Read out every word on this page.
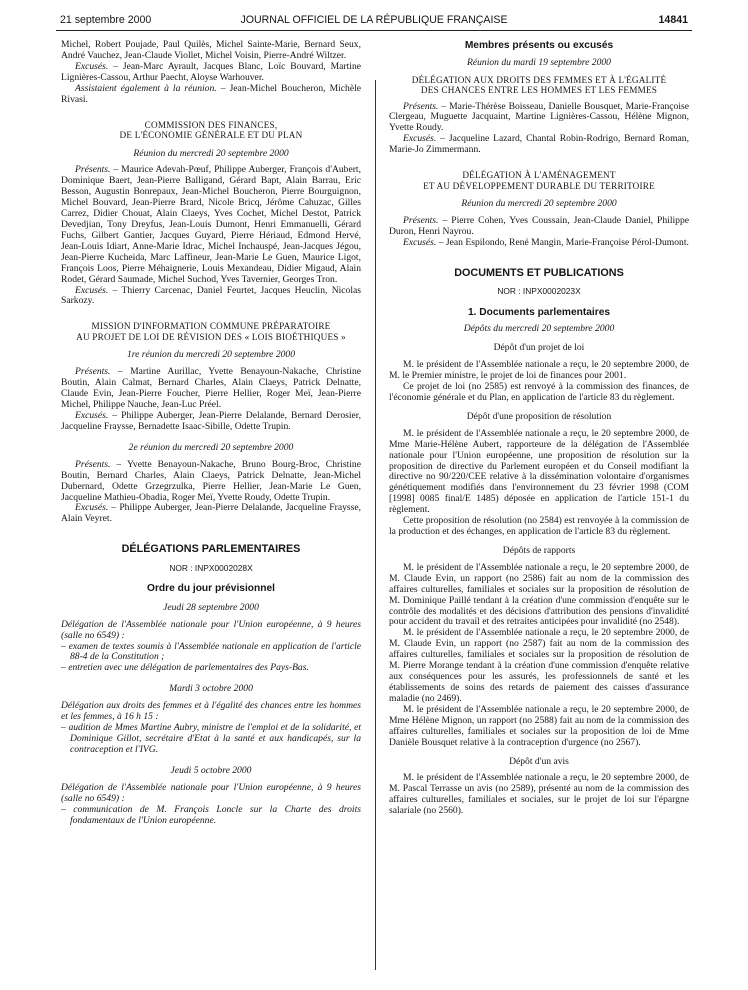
21 septembre 2000	JOURNAL OFFICIEL DE LA RÉPUBLIQUE FRANÇAISE	14841

Michel, Robert Poujade, Paul Quilès, Michel Sainte-Marie, Bernard Seux, André Vauchez, Jean-Claude Viollet, Michel Voisin, Pierre-André Wiltzer.

Excusés. – Jean-Marc Ayrault, Jacques Blanc, Loïc Bouvard, Martine Lignières-Cassou, Arthur Paecht, Aloyse Warhouver.

Assistaient également à la réunion. – Jean-Michel Boucheron, Michèle Rivasi.

COMMISSION DES FINANCES,

DE L'ÉCONOMIE GÉNÉRALE ET DU PLAN

Réunion du mercredi 20 septembre 2000

Présents. – Maurice Adevah-Pœuf, Philippe Auberger, François d'Aubert, Dominique Baert, Jean-Pierre Balligand, Gérard Bapt, Alain Barrau, Eric Besson, Augustin Bonrepaux, Jean-Michel Boucheron, Pierre Bourguignon, Michel Bouvard, Jean-Pierre Brard, Nicole Bricq, Jérôme Cahuzac, Gilles Carrez, Didier Chouat, Alain Claeys, Yves Cochet, Michel Destot, Patrick Devedjian, Tony Dreyfus, Jean-Louis Dumont, Henri Emmanuelli, Gérard Fuchs, Gilbert Gantier, Jacques Guyard, Pierre Hériaud, Edmond Hervé, Jean-Louis Idiart, Anne-Marie Idrac, Michel Inchauspé, Jean-Jacques Jégou, Jean-Pierre Kucheida, Marc Laffineur, Jean-Marie Le Guen, Maurice Ligot, François Loos, Pierre Méhaignerie, Louis Mexandeau, Didier Migaud, Alain Rodet, Gérard Saumade, Michel Suchod, Yves Tavernier, Georges Tron.

Excusés. – Thierry Carcenac, Daniel Feurtet, Jacques Heuclin, Nicolas Sarkozy.

MISSION D'INFORMATION COMMUNE PRÉPARATOIRE

AU PROJET DE LOI DE RÉVISION DES « LOIS BIOÉTHIQUES »

1re réunion du mercredi 20 septembre 2000

Présents. – Martine Aurillac, Yvette Benayoun-Nakache, Christine Boutin, Alain Calmat, Bernard Charles, Alain Claeys, Patrick Delnatte, Claude Evin, Jean-Pierre Foucher, Pierre Hellier, Roger Meï, Jean-Pierre Michel, Philippe Nauche, Jean-Luc Préel.

Excusés. – Philippe Auberger, Jean-Pierre Delalande, Bernard Derosier, Jacqueline Fraysse, Bernadette Isaac-Sibille, Odette Trupin.

2e réunion du mercredi 20 septembre 2000

Présents. – Yvette Benayoun-Nakache, Bruno Bourg-Broc, Christine Boutin, Bernard Charles, Alain Claeys, Patrick Delnatte, Jean-Michel Dubernard, Odette Grzegrzulka, Pierre Hellier, Jean-Marie Le Guen, Jacqueline Mathieu-Obadia, Roger Meï, Yvette Roudy, Odette Trupin.

Excusés. – Philippe Auberger, Jean-Pierre Delalande, Jacqueline Fraysse, Alain Veyret.

DÉLÉGATIONS PARLEMENTAIRES

NOR : INPX0002028X

Ordre du jour prévisionnel

Jeudi 28 septembre 2000

Délégation de l'Assemblée nationale pour l'Union européenne, à 9 heures (salle no 6549) :

– examen de textes soumis à l'Assemblée nationale en application de l'article 88-4 de la Constitution ;

– entretien avec une délégation de parlementaires des Pays-Bas.

Mardi 3 octobre 2000

Délégation aux droits des femmes et à l'égalité des chances entre les hommes et les femmes, à 16 h 15 :

– audition de Mmes Martine Aubry, ministre de l'emploi et de la solidarité, et Dominique Gillot, secrétaire d'Etat à la santé et aux handicapés, sur la contraception et l'IVG.

Jeudi 5 octobre 2000

Délégation de l'Assemblée nationale pour l'Union européenne, à 9 heures (salle no 6549) :

– communication de M. François Loncle sur la Charte des droits fondamentaux de l'Union européenne.

Membres présents ou excusés

Réunion du mardi 19 septembre 2000

DÉLÉGATION AUX DROITS DES FEMMES ET À L'ÉGALITÉ

DES CHANCES ENTRE LES HOMMES ET LES FEMMES

Présents. – Marie-Thérèse Boisseau, Danielle Bousquet, Marie-Françoise Clergeau, Muguette Jacquaint, Martine Lignières-Cassou, Hélène Mignon, Yvette Roudy.

Excusés. – Jacqueline Lazard, Chantal Robin-Rodrigo, Bernard Roman, Marie-Jo Zimmermann.

DÉLÉGATION À L'AMÉNAGEMENT

ET AU DÉVELOPPEMENT DURABLE DU TERRITOIRE

Réunion du mercredi 20 septembre 2000

Présents. – Pierre Cohen, Yves Coussain, Jean-Claude Daniel, Philippe Duron, Henri Nayrou.

Excusés. – Jean Espilondo, René Mangin, Marie-Françoise Pérol-Dumont.

DOCUMENTS ET PUBLICATIONS

NOR : INPX0002023X

1. Documents parlementaires

Dépôts du mercredi 20 septembre 2000

Dépôt d'un projet de loi

M. le président de l'Assemblée nationale a reçu, le 20 septembre 2000, de M. le Premier ministre, le projet de loi de finances pour 2001.

Ce projet de loi (no 2585) est renvoyé à la commission des finances, de l'économie générale et du Plan, en application de l'article 83 du règlement.

Dépôt d'une proposition de résolution

M. le président de l'Assemblée nationale a reçu, le 20 septembre 2000, de Mme Marie-Hélène Aubert, rapporteure de la délégation de l'Assemblée nationale pour l'Union européenne, une proposition de résolution sur la proposition de directive du Parlement européen et du Conseil modifiant la directive no 90/220/CEE relative à la dissémination volontaire d'organismes génétiquement modifiés dans l'environnement du 23 février 1998 (COM [1998] 0085 final/E 1485) déposée en application de l'article 151-1 du règlement.

Cette proposition de résolution (no 2584) est renvoyée à la commission de la production et des échanges, en application de l'article 83 du règlement.

Dépôts de rapports

M. le président de l'Assemblée nationale a reçu, le 20 septembre 2000, de M. Claude Evin, un rapport (no 2586) fait au nom de la commission des affaires culturelles, familiales et sociales sur la proposition de résolution de M. Dominique Paillé tendant à la création d'une commission d'enquête sur le contrôle des modalités et des décisions d'attribution des pensions d'invalidité pour accident du travail et des retraites anticipées pour invalidité (no 2548).

M. le président de l'Assemblée nationale a reçu, le 20 septembre 2000, de M. Claude Evin, un rapport (no 2587) fait au nom de la commission des affaires culturelles, familiales et sociales sur la proposition de résolution de M. Pierre Morange tendant à la création d'une commission d'enquête relative aux conséquences pour les assurés, les professionnels de santé et les établissements de soins des retards de paiement des caisses d'assurance maladie (no 2469).

M. le président de l'Assemblée nationale a reçu, le 20 septembre 2000, de Mme Hélène Mignon, un rapport (no 2588) fait au nom de la commission des affaires culturelles, familiales et sociales sur la proposition de loi de Mme Danièle Bousquet relative à la contraception d'urgence (no 2567).

Dépôt d'un avis

M. le président de l'Assemblée nationale a reçu, le 20 septembre 2000, de M. Pascal Terrasse un avis (no 2589), présenté au nom de la commission des affaires culturelles, familiales et sociales, sur le projet de loi sur l'épargne salariale (no 2560).
